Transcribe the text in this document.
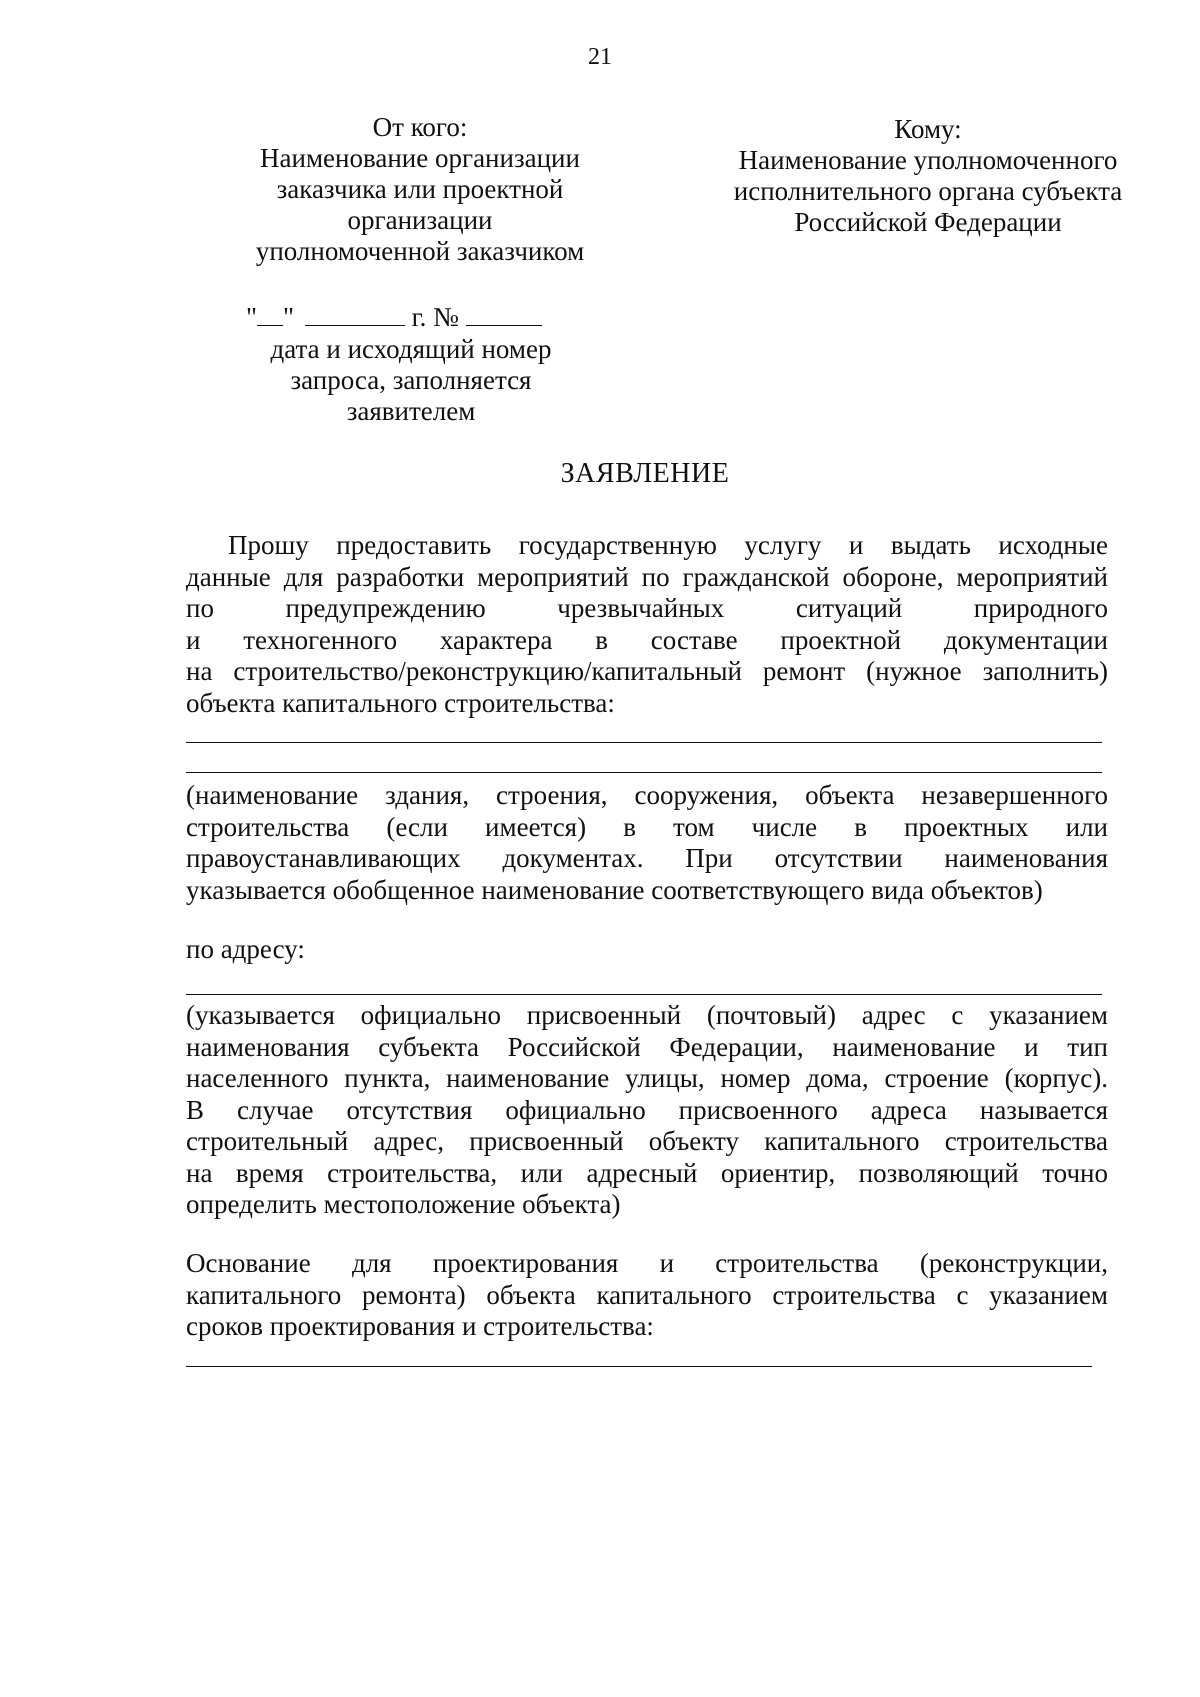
21
От кого:
Наименование организации
заказчика или проектной
организации
уполномоченной заказчиком
Кому:
Наименование уполномоченного
исполнительного органа субъекта
Российской Федерации
" "	г. №
дата и исходящий номер
запроса, заполняется
заявителем
ЗАЯВЛЕНИЕ
Прошу предоставить государственную услугу и выдать исходные
данные для разработки мероприятий по гражданской обороне, мероприятий
по предупреждению чрезвычайных ситуаций природного
и техногенного характера в составе проектной документации
на строительство/реконструкцию/капитальный ремонт (нужное заполнить)
объекта капитального строительства:
(наименование здания, строения, сооружения, объекта незавершенного
строительства (если имеется) в том числе в проектных или
правоустанавливающих документах. При отсутствии наименования
указывается обобщенное наименование соответствующего вида объектов)
по адресу:
(указывается официально присвоенный (почтовый) адрес с указанием
наименования субъекта Российской Федерации, наименование и тип
населенного пункта, наименование улицы, номер дома, строение (корпус).
В случае отсутствия официально присвоенного адреса называется
строительный адрес, присвоенный объекту капитального строительства
на время строительства, или адресный ориентир, позволяющий точно
определить местоположение объекта)
Основание для проектирования и строительства (реконструкции,
капитального ремонта) объекта капитального строительства с указанием
сроков проектирования и строительства:
